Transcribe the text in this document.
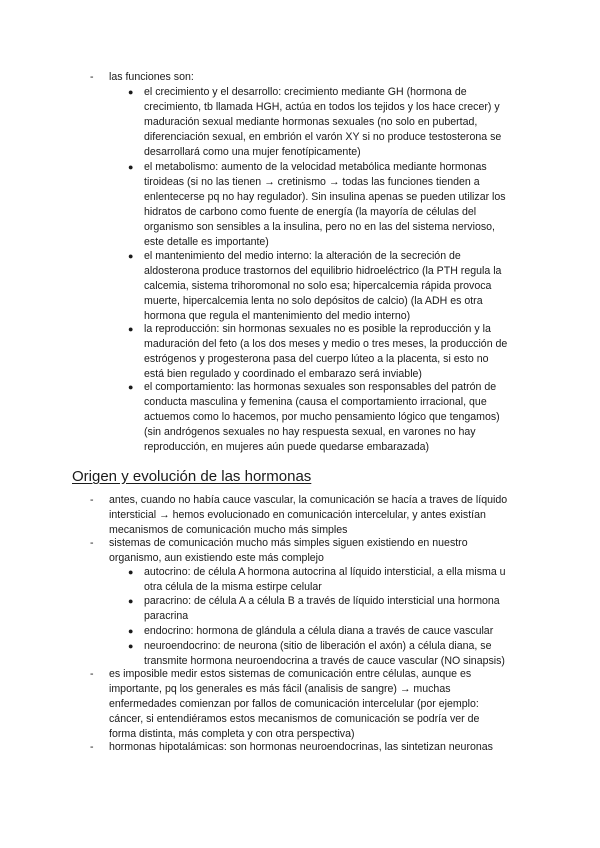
- las funciones son:
● el crecimiento y el desarrollo: crecimiento mediante GH (hormona de
crecimiento, tb llamada HGH, actúa en todos los tejidos y los hace crecer) y
maduración sexual mediante hormonas sexuales (no solo en pubertad,
diferenciación sexual, en embrión el varón XY si no produce testosterona se
desarrollará como una mujer fenotípicamente)
● el metabolismo: aumento de la velocidad metabólica mediante hormonas
tiroideas (si no las tienen → cretinismo → todas las funciones tienden a
enlentecerse pq no hay regulador). Sin insulina apenas se pueden utilizar los
hidratos de carbono como fuente de energía (la mayoría de células del
organismo son sensibles a la insulina, pero no en las del sistema nervioso,
este detalle es importante)
● el mantenimiento del medio interno: la alteración de la secreción de
aldosterona produce trastornos del equilibrio hidroeléctrico (la PTH regula la
calcemia, sistema trihoromonal no solo esa; hipercalcemia rápida provoca
muerte, hipercalcemia lenta no solo depósitos de calcio) (la ADH es otra
hormona que regula el mantenimiento del medio interno)
● la reproducción: sin hormonas sexuales no es posible la reproducción y la
maduración del feto (a los dos meses y medio o tres meses, la producción de
estrógenos y progesterona pasa del cuerpo lúteo a la placenta, si esto no
está bien regulado y coordinado el embarazo será inviable)
● el comportamiento: las hormonas sexuales son responsables del patrón de
conducta masculina y femenina (causa el comportamiento irracional, que
actuemos como lo hacemos, por mucho pensamiento lógico que tengamos)
(sin andrógenos sexuales no hay respuesta sexual, en varones no hay
reproducción, en mujeres aún puede quedarse embarazada)
Origen y evolución de las hormonas
- antes, cuando no había cauce vascular, la comunicación se hacía a traves de líquido
intersticial → hemos evolucionado en comunicación intercelular, y antes existían
mecanismos de comunicación mucho más simples
- sistemas de comunicación mucho más simples siguen existiendo en nuestro
organismo, aun existiendo este más complejo
● autocrino: de célula A hormona autocrina al líquido intersticial, a ella misma u
otra célula de la misma estirpe celular
● paracrino: de célula A a célula B a través de líquido intersticial una hormona
paracrina
● endocrino: hormona de glándula a célula diana a través de cauce vascular
● neuroendocrino: de neurona (sitio de liberación el axón) a célula diana, se
transmite hormona neuroendocrina a través de cauce vascular (NO sinapsis)
- es imposible medir estos sistemas de comunicación entre células, aunque es
importante, pq los generales es más fácil (analisis de sangre) → muchas
enfermedades comienzan por fallos de comunicación intercelular (por ejemplo:
cáncer, si entendiéramos estos mecanismos de comunicación se podría ver de
forma distinta, más completa y con otra perspectiva)
- hormonas hipotalámicas: son hormonas neuroendocrinas, las sintetizan neuronas
